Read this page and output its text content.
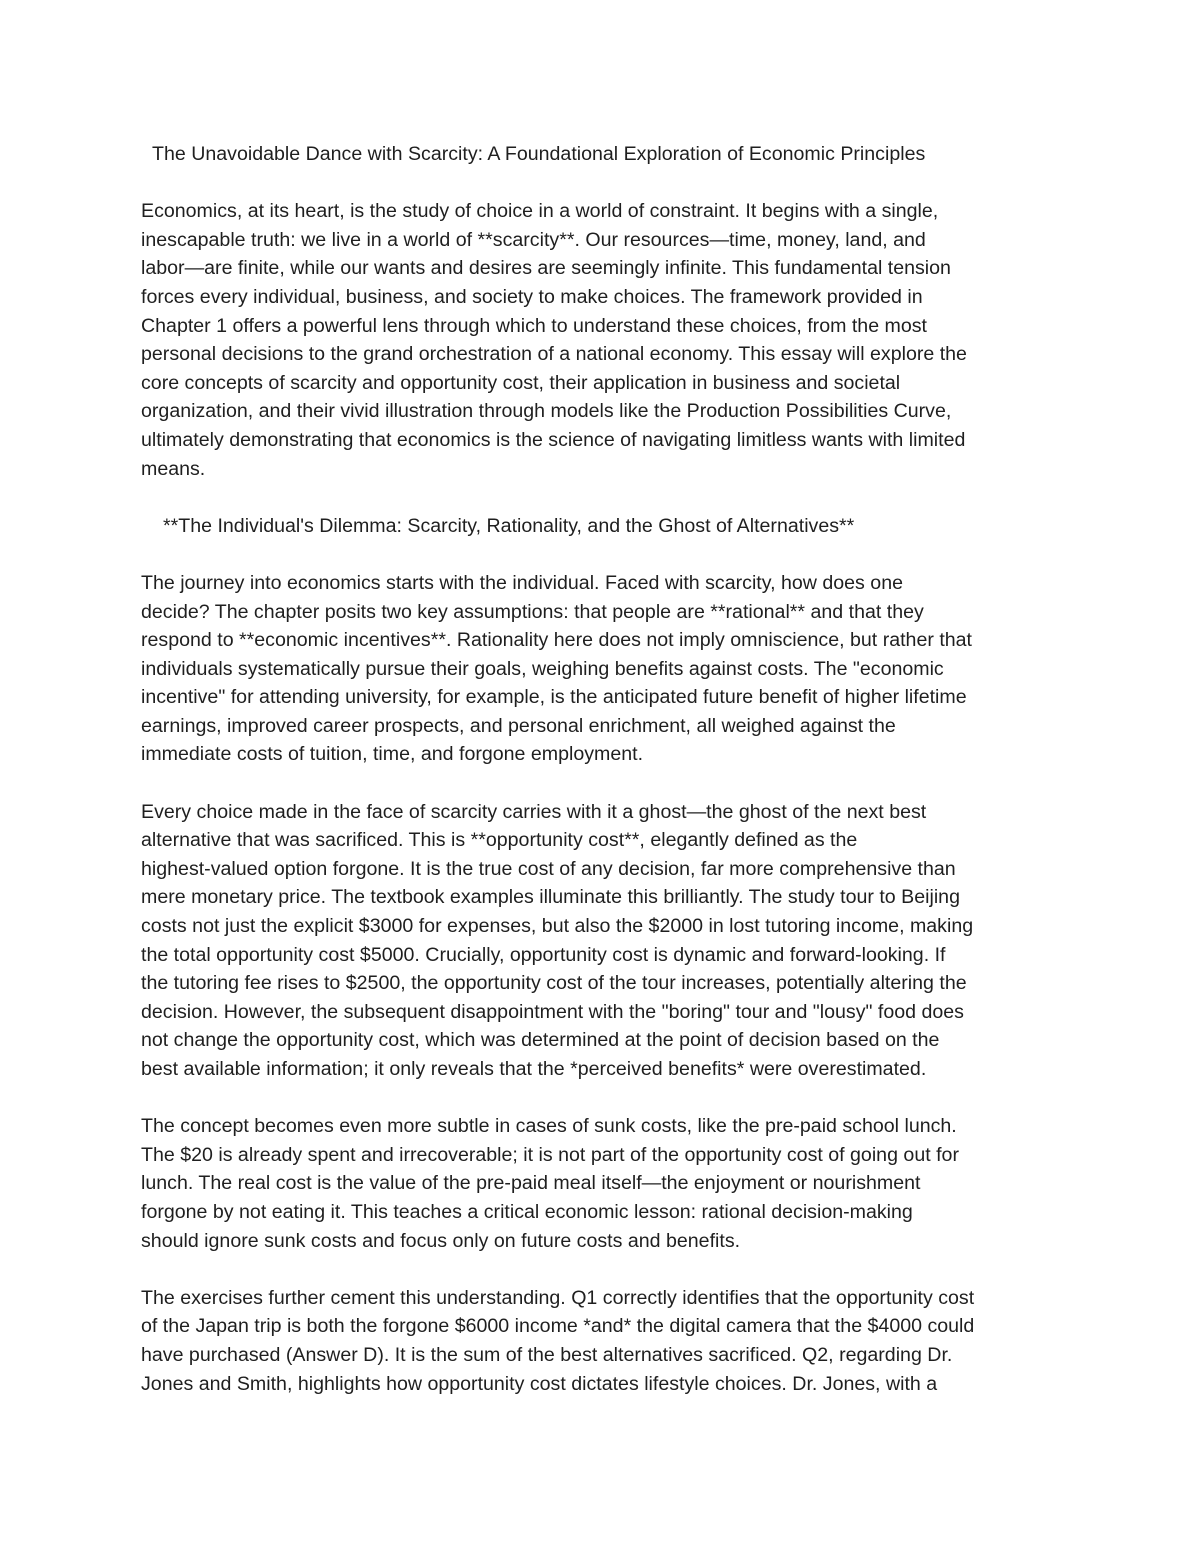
The Unavoidable Dance with Scarcity: A Foundational Exploration of Economic Principles

Economics, at its heart, is the study of choice in a world of constraint. It begins with a single,
inescapable truth: we live in a world of **scarcity**. Our resources—time, money, land, and
labor—are finite, while our wants and desires are seemingly infinite. This fundamental tension
forces every individual, business, and society to make choices. The framework provided in
Chapter 1 offers a powerful lens through which to understand these choices, from the most
personal decisions to the grand orchestration of a national economy. This essay will explore the
core concepts of scarcity and opportunity cost, their application in business and societal
organization, and their vivid illustration through models like the Production Possibilities Curve,
ultimately demonstrating that economics is the science of navigating limitless wants with limited
means.

**The Individual's Dilemma: Scarcity, Rationality, and the Ghost of Alternatives**

The journey into economics starts with the individual. Faced with scarcity, how does one
decide? The chapter posits two key assumptions: that people are **rational** and that they
respond to **economic incentives**. Rationality here does not imply omniscience, but rather that
individuals systematically pursue their goals, weighing benefits against costs. The "economic
incentive" for attending university, for example, is the anticipated future benefit of higher lifetime
earnings, improved career prospects, and personal enrichment, all weighed against the
immediate costs of tuition, time, and forgone employment.

Every choice made in the face of scarcity carries with it a ghost—the ghost of the next best
alternative that was sacrificed. This is **opportunity cost**, elegantly defined as the
highest-valued option forgone. It is the true cost of any decision, far more comprehensive than
mere monetary price. The textbook examples illuminate this brilliantly. The study tour to Beijing
costs not just the explicit $3000 for expenses, but also the $2000 in lost tutoring income, making
the total opportunity cost $5000. Crucially, opportunity cost is dynamic and forward-looking. If
the tutoring fee rises to $2500, the opportunity cost of the tour increases, potentially altering the
decision. However, the subsequent disappointment with the "boring" tour and "lousy" food does
not change the opportunity cost, which was determined at the point of decision based on the
best available information; it only reveals that the *perceived benefits* were overestimated.

The concept becomes even more subtle in cases of sunk costs, like the pre-paid school lunch.
The $20 is already spent and irrecoverable; it is not part of the opportunity cost of going out for
lunch. The real cost is the value of the pre-paid meal itself—the enjoyment or nourishment
forgone by not eating it. This teaches a critical economic lesson: rational decision-making
should ignore sunk costs and focus only on future costs and benefits.

The exercises further cement this understanding. Q1 correctly identifies that the opportunity cost
of the Japan trip is both the forgone $6000 income *and* the digital camera that the $4000 could
have purchased (Answer D). It is the sum of the best alternatives sacrificed. Q2, regarding Dr.
Jones and Smith, highlights how opportunity cost dictates lifestyle choices. Dr. Jones, with a
